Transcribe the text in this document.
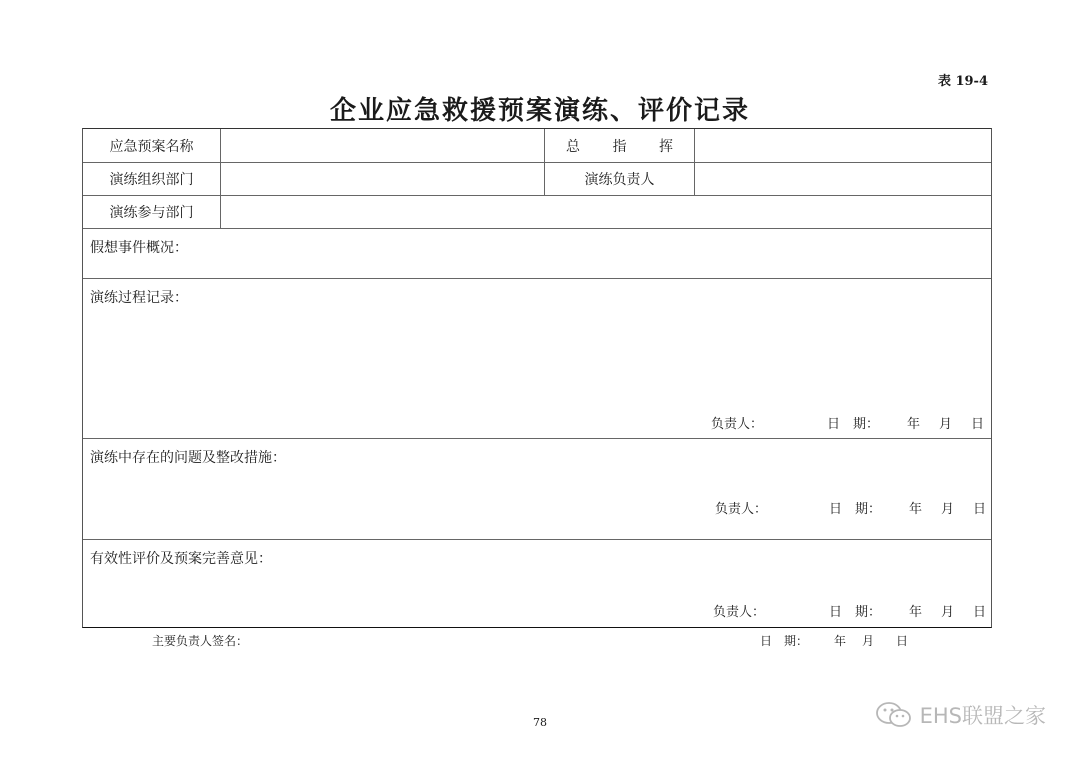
表 19-4
企业应急救援预案演练、评价记录
应急预案名称	总 指 挥
演练组织部门	演练负责人
演练参与部门
假想事件概况：
演练过程记录：
负责人：	日　期：	年	月	日
演练中存在的问题及整改措施：
负责人：	日　期：	年	月	日
有效性评价及预案完善意见：
负责人：	日　期：	年	月	日
主要负责人签名：	日　期： 年 月 日
78	EHS联盟之家
